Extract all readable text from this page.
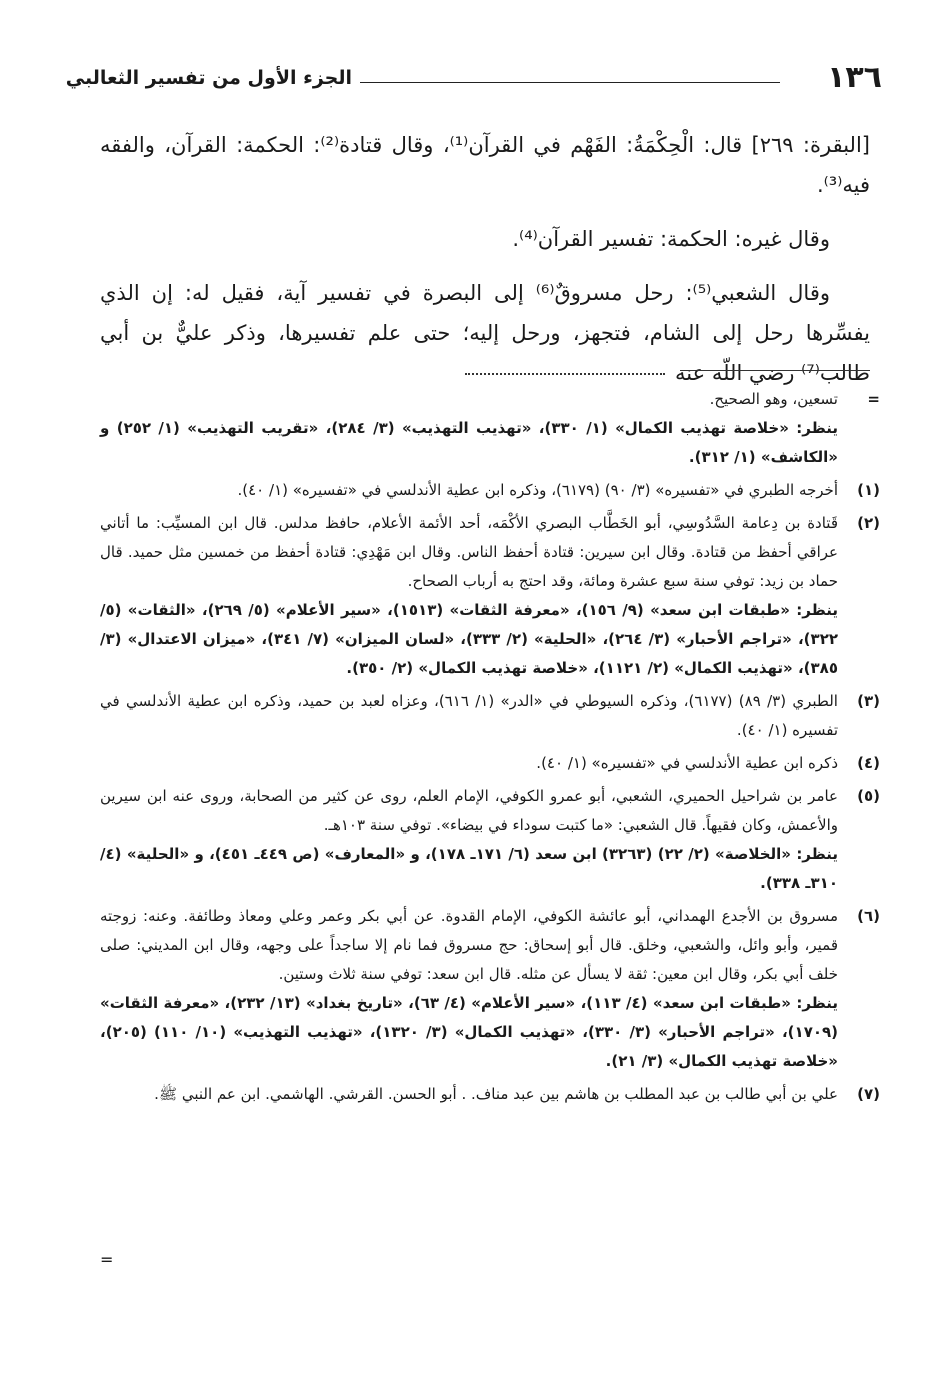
١٣٦
الجزء الأول من تفسير الثعالبي

[البقرة: ٢٦٩] قال: الْحِكْمَةُ: الفَهْم في القرآن⁽¹⁾، وقال قتادة⁽²⁾: الحكمة: القرآن، والفقه فيه⁽³⁾.

وقال غيره: الحكمة: تفسير القرآن⁽⁴⁾.

وقال الشعبي⁽⁵⁾: رحل مسروقٌ⁽⁶⁾ إلى البصرة في تفسير آية، فقيل له: إن الذي يفسِّرها رحل إلى الشام، فتجهز، ورحل إليه؛ حتى علم تفسيرها، وذكر عليٌّ بن أبي طالب⁽⁷⁾ رضي اللّه عنه

=

تسعين، وهو الصحيح.

ينظر: «خلاصة تهذيب الكمال» (١/ ٣٣٠)، «تهذيب التهذيب» (٣/ ٢٨٤)، «تقريب التهذيب» (١/ ٢٥٢) و «الكاشف» (١/ ٣١٢).

(١)

أخرجه الطبري في «تفسيره» (٣/ ٩٠) (٦١٧٩)، وذكره ابن عطية الأندلسي في «تفسيره» (١/ ٤٠).

(٢)

قَتادة بن دِعامة السَّدُوسِي، أبو الخَطَّاب البصري الأكْمَه، أحد الأئمة الأعلام، حافظ مدلس. قال ابن المسيِّب: ما أتاني عراقي أحفظ من قتادة. وقال ابن سيرين: قتادة أحفظ الناس. وقال ابن مَهْدِي: قتادة أحفظ من خمسين مثل حميد. قال حماد بن زيد: توفي سنة سبع عشرة ومائة، وقد احتج به أرباب الصحاح.

ينظر: «طبقات ابن سعد» (٩/ ١٥٦)، «معرفة الثقات» (١٥١٣)، «سير الأعلام» (٥/ ٢٦٩)، «الثقات» (٥/ ٣٢٢)، «تراجم الأحبار» (٣/ ٢٦٤)، «الحلية» (٢/ ٣٣٣)، «لسان الميزان» (٧/ ٣٤١)، «ميزان الاعتدال» (٣/ ٣٨٥)، «تهذيب الكمال» (٢/ ١١٢١)، «خلاصة تهذيب الكمال» (٢/ ٣٥٠).

(٣)

الطبري (٣/ ٨٩) (٦١٧٧)، وذكره السيوطي في «الدر» (١/ ٦١٦)، وعزاه لعبد بن حميد، وذكره ابن عطية الأندلسي في تفسيره (١/ ٤٠).

(٤)

ذكره ابن عطية الأندلسي في «تفسيره» (١/ ٤٠).

(٥)

عامر بن شراحيل الحميري، الشعبي، أبو عمرو الكوفي، الإمام العلم، روى عن كثير من الصحابة، وروى عنه ابن سيرين والأعمش، وكان فقيهاً. قال الشعبي: «ما كتبت سوداء في بيضاء». توفي سنة ١٠٣هـ.

ينظر: «الخلاصة» (٢/ ٢٢) (٣٢٦٣) ابن سعد (٦/ ١٧١ـ ١٧٨)، و «المعارف» (ص ٤٤٩ـ ٤٥١)، و «الحلية» (٤/ ٣١٠ـ ٣٣٨).

(٦)

مسروق بن الأجدع الهمداني، أبو عائشة الكوفي، الإمام القدوة. عن أبي بكر وعمر وعلي ومعاذ وطائفة. وعنه: زوجته قمير، وأبو وائل، والشعبي، وخلق. قال أبو إسحاق: حج مسروق فما نام إلا ساجداً على وجهه، وقال ابن المديني: صلى خلف أبي بكر، وقال ابن معين: ثقة لا يسأل عن مثله. قال ابن سعد: توفي سنة ثلاث وستين.

ينظر: «طبقات ابن سعد» (٤/ ١١٣)، «سير الأعلام» (٤/ ٦٣)، «تاريخ بغداد» (١٣/ ٢٣٢)، «معرفة الثقات» (١٧٠٩)، «تراجم الأحبار» (٣/ ٣٣٠)، «تهذيب الكمال» (٣/ ١٣٢٠)، «تهذيب التهذيب» (١٠/ ١١٠) (٢٠٥)، «خلاصة تهذيب الكمال» (٣/ ٢١).

(٧)

علي بن أبي طالب بن عبد المطلب بن هاشم بين عبد مناف. . أبو الحسن. القرشي. الهاشمي. ابن عم النبي ﷺ.

=
